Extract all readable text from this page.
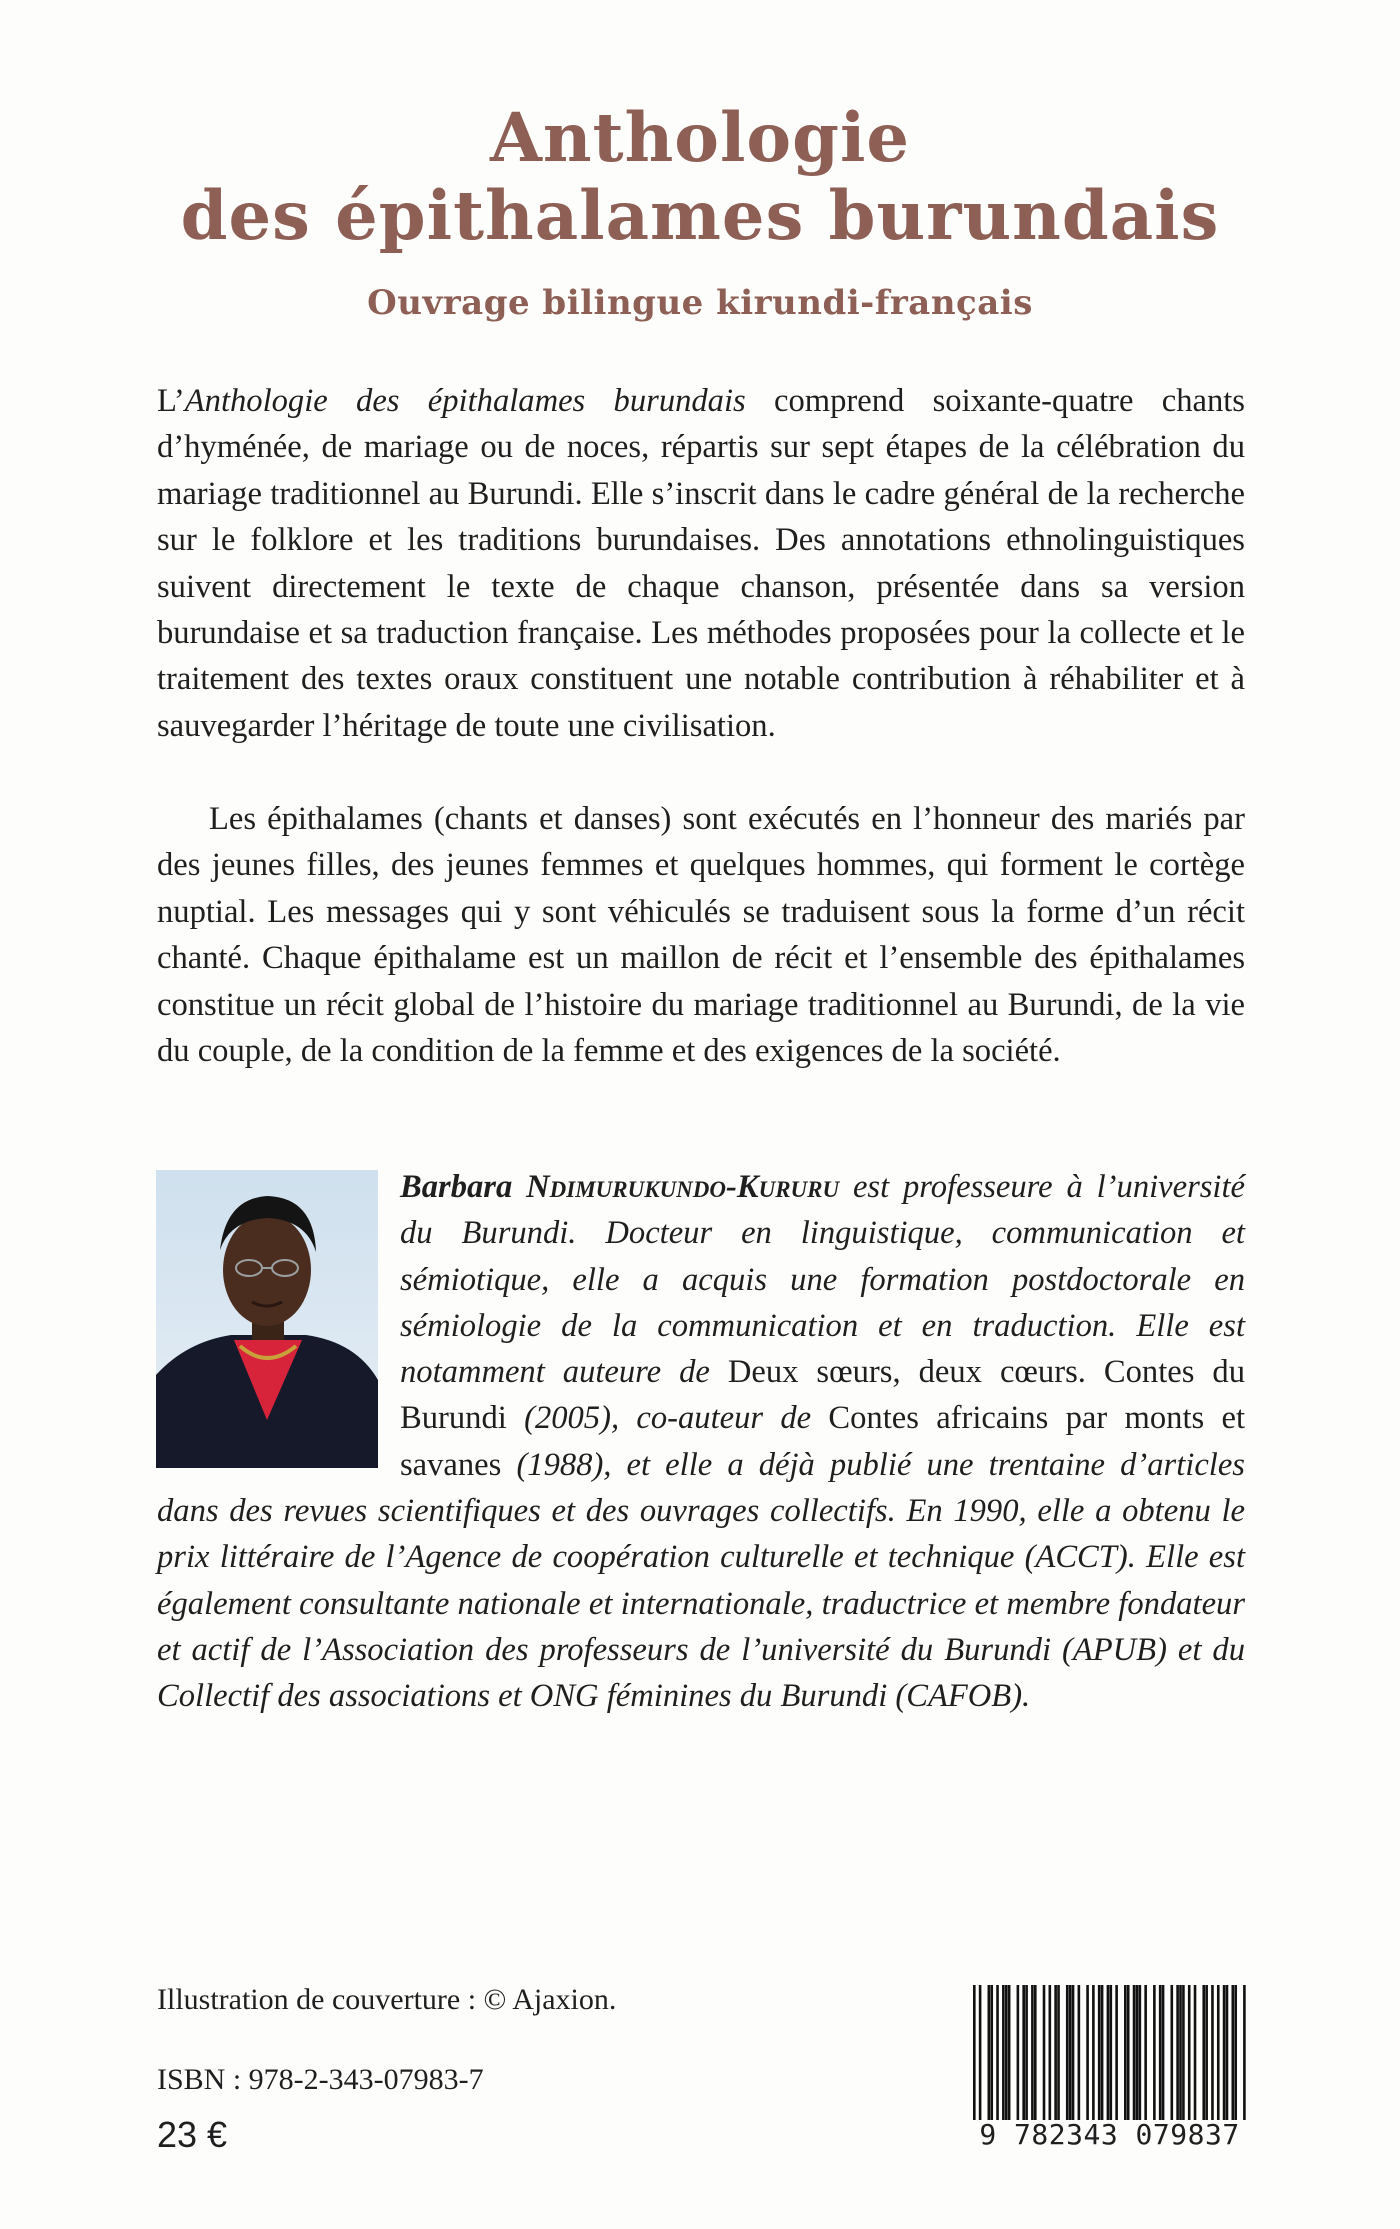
Anthologie
des épithalames burundais
Ouvrage bilingue kirundi-français

L’Anthologie des épithalames burundais comprend soixante-quatre chants d’hyménée, de mariage ou de noces, répartis sur sept étapes de la célébration du mariage traditionnel au Burundi. Elle s’inscrit dans le cadre général de la recherche sur le folklore et les traditions burundaises. Des annotations ethnolinguistiques suivent directement le texte de chaque chanson, présentée dans sa version burundaise et sa traduction française. Les méthodes proposées pour la collecte et le traitement des textes oraux constituent une notable contribution à réhabiliter et à sauvegarder l’héritage de toute une civilisation.

Les épithalames (chants et danses) sont exécutés en l’honneur des mariés par des jeunes filles, des jeunes femmes et quelques hommes, qui forment le cortège nuptial. Les messages qui y sont véhiculés se traduisent sous la forme d’un récit chanté. Chaque épithalame est un maillon de récit et l’ensemble des épithalames constitue un récit global de l’histoire du mariage traditionnel au Burundi, de la vie du couple, de la condition de la femme et des exigences de la société.

Barbara Ndimurukundo-Kururu est professeure à l’université du Burundi. Docteur en linguistique, communication et sémiotique, elle a acquis une formation postdoctorale en sémiologie de la communication et en traduction. Elle est notamment auteure de Deux sœurs, deux cœurs. Contes du Burundi (2005), co-auteur de Contes africains par monts et savanes (1988), et elle a déjà publié une trentaine d’articles dans des revues scientifiques et des ouvrages collectifs. En 1990, elle a obtenu le prix littéraire de l’Agence de coopération culturelle et technique (ACCT). Elle est également consultante nationale et internationale, traductrice et membre fondateur et actif de l’Association des professeurs de l’université du Burundi (APUB) et du Collectif des associations et ONG féminines du Burundi (CAFOB).

Illustration de couverture : © Ajaxion.
ISBN : 978-2-343-07983-7
23 €	9 782343 079837
